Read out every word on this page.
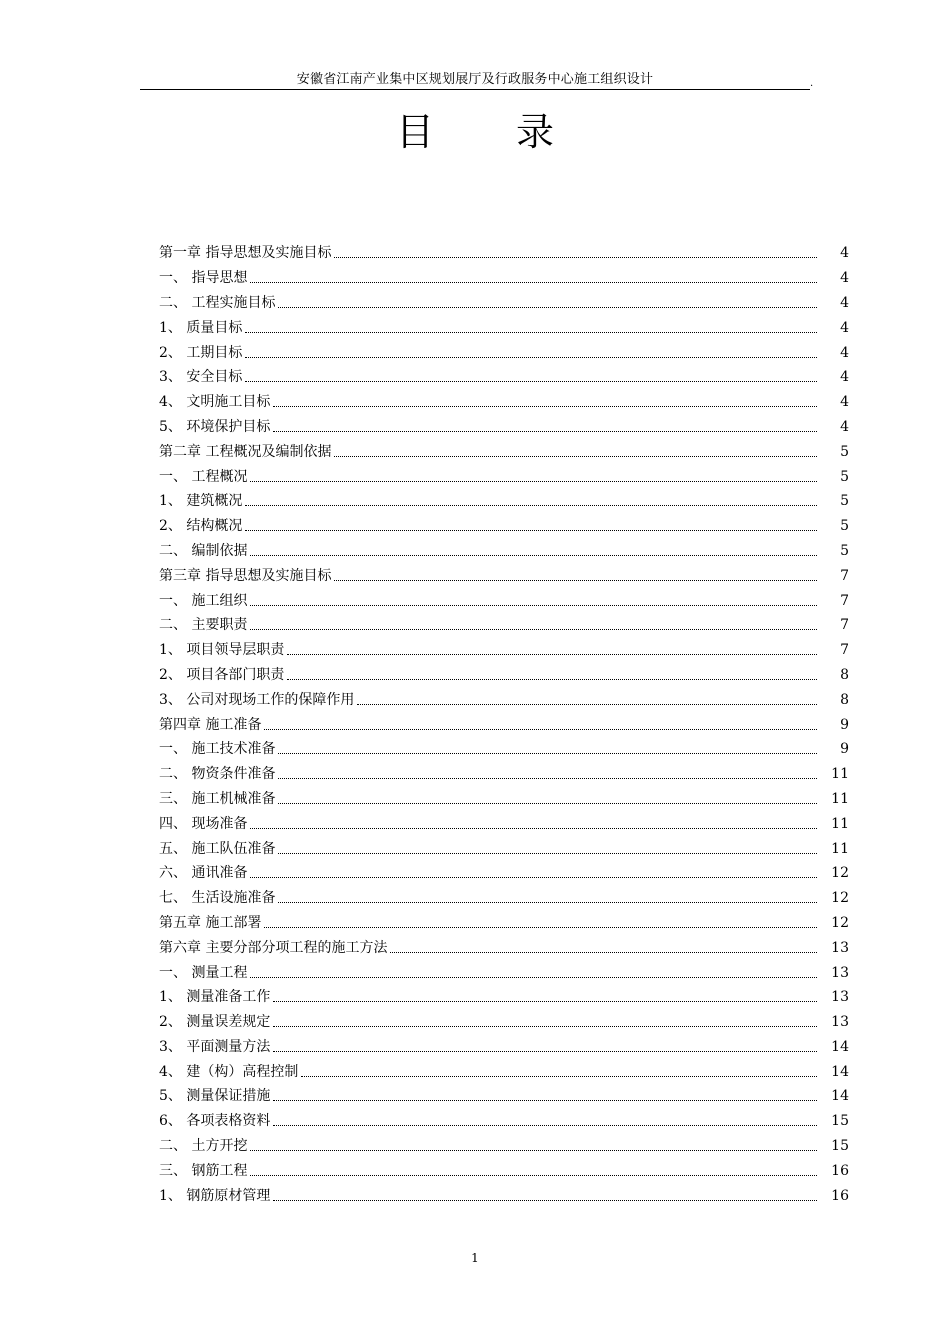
安徽省江南产业集中区规划展厅及行政服务中心施工组织设计	.
目 录
第一章 指导思想及实施目标	4
一、 指导思想	4
二、 工程实施目标	4
1、 质量目标	4
2、 工期目标	4
3、 安全目标	4
4、 文明施工目标	4
5、 环境保护目标	4
第二章 工程概况及编制依据	5
一、 工程概况	5
1、 建筑概况	5
2、 结构概况	5
二、 编制依据	5
第三章 指导思想及实施目标	7
一、 施工组织	7
二、 主要职责	7
1、 项目领导层职责	7
2、 项目各部门职责	8
3、 公司对现场工作的保障作用	8
第四章 施工准备	9
一、 施工技术准备	9
二、 物资条件准备	11
三、 施工机械准备	11
四、 现场准备	11
五、 施工队伍准备	11
六、 通讯准备	12
七、 生活设施准备	12
第五章 施工部署	12
第六章 主要分部分项工程的施工方法	13
一、 测量工程	13
1、 测量准备工作	13
2、 测量误差规定	13
3、 平面测量方法	14
4、 建（构）高程控制	14
5、 测量保证措施	14
6、 各项表格资料	15
二、 土方开挖	15
三、 钢筋工程	16
1、 钢筋原材管理	16
1
